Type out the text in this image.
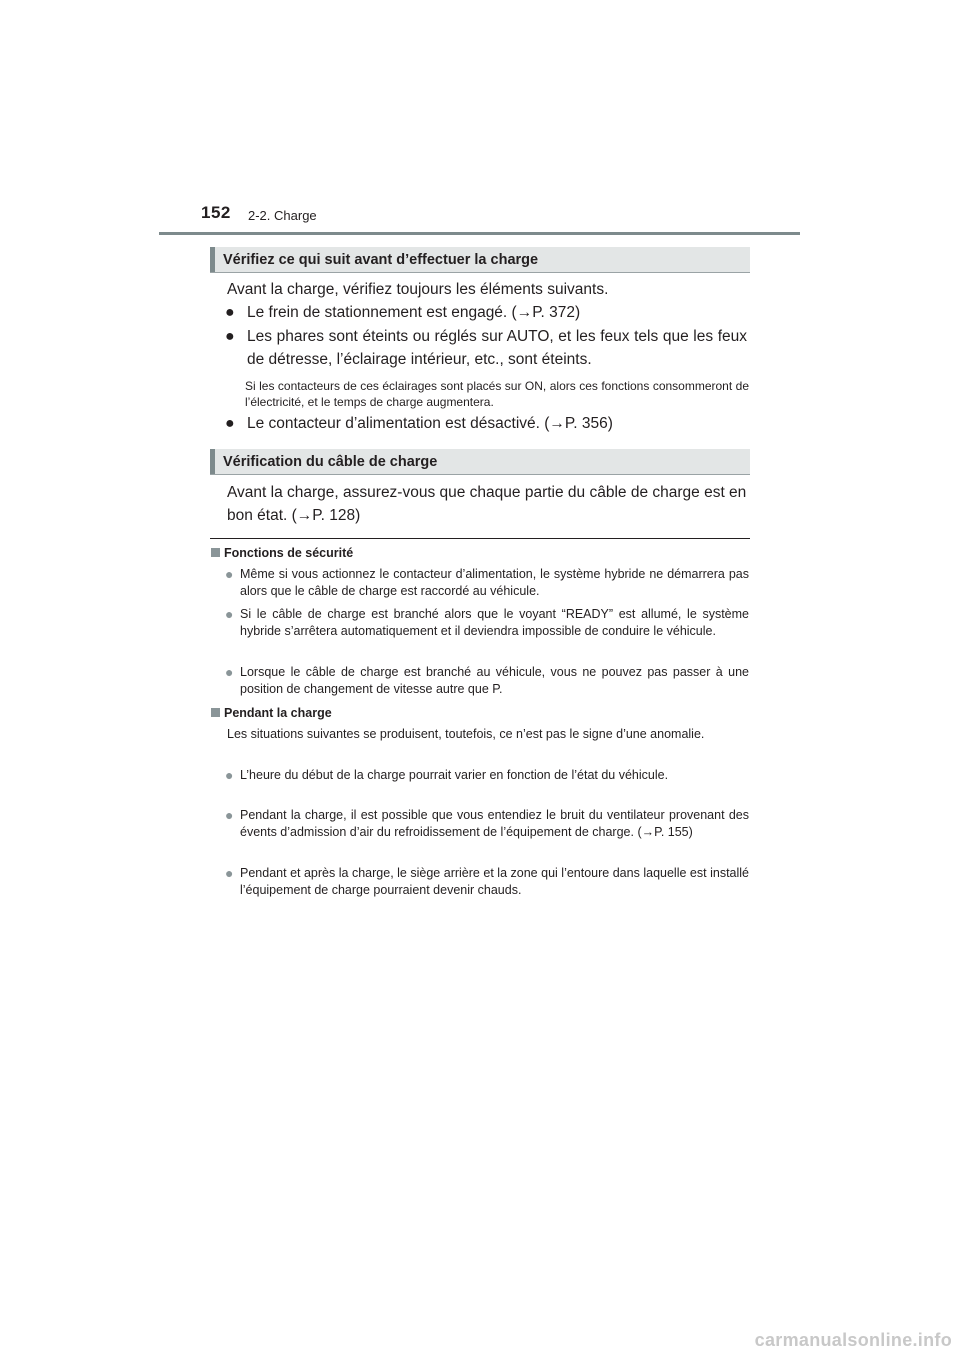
152 2-2. Charge
Vérifiez ce qui suit avant d’effectuer la charge
Avant la charge, vérifiez toujours les éléments suivants.
● Le frein de stationnement est engagé. (→P. 372)
● Les phares sont éteints ou réglés sur AUTO, et les feux tels que les feux de détresse, l’éclairage intérieur, etc., sont éteints.
Si les contacteurs de ces éclairages sont placés sur ON, alors ces fonctions consommeront de l’électricité, et le temps de charge augmentera.
● Le contacteur d’alimentation est désactivé. (→P. 356)
Vérification du câble de charge
Avant la charge, assurez-vous que chaque partie du câble de charge est en bon état. (→P. 128)
Fonctions de sécurité
● Même si vous actionnez le contacteur d’alimentation, le système hybride ne démarrera pas alors que le câble de charge est raccordé au véhicule.
● Si le câble de charge est branché alors que le voyant “READY” est allumé, le système hybride s’arrêtera automatiquement et il deviendra impossible de conduire le véhicule.
● Lorsque le câble de charge est branché au véhicule, vous ne pouvez pas passer à une position de changement de vitesse autre que P.
Pendant la charge
Les situations suivantes se produisent, toutefois, ce n’est pas le signe d’une anomalie.
● L’heure du début de la charge pourrait varier en fonction de l’état du véhicule.
● Pendant la charge, il est possible que vous entendiez le bruit du ventilateur provenant des évents d’admission d’air du refroidissement de l’équipement de charge. (→P. 155)
● Pendant et après la charge, le siège arrière et la zone qui l’entoure dans laquelle est installé l’équipement de charge pourraient devenir chauds.
carmanualsonline.info
